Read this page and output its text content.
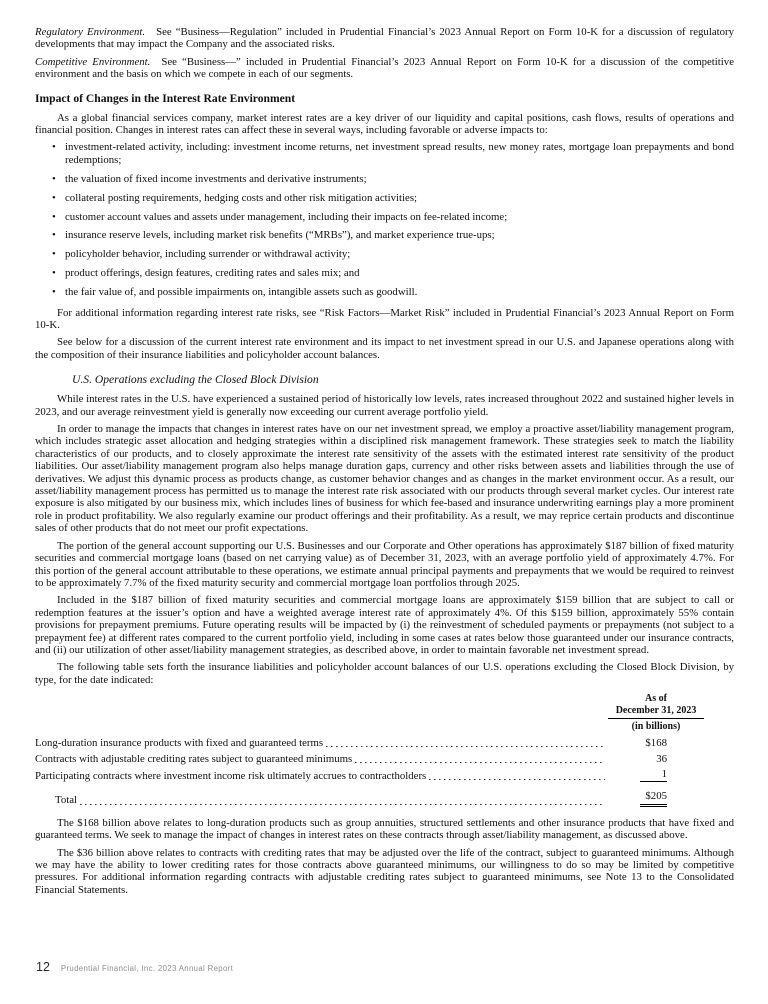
Regulatory Environment. See “Business—Regulation” included in Prudential Financial’s 2023 Annual Report on Form 10-K for a discussion of regulatory developments that may impact the Company and the associated risks.

Competitive Environment. See “Business—” included in Prudential Financial’s 2023 Annual Report on Form 10-K for a discussion of the competitive environment and the basis on which we compete in each of our segments.

Impact of Changes in the Interest Rate Environment

As a global financial services company, market interest rates are a key driver of our liquidity and capital positions, cash flows, results of operations and financial position. Changes in interest rates can affect these in several ways, including favorable or adverse impacts to:

• investment-related activity, including: investment income returns, net investment spread results, new money rates, mortgage loan prepayments and bond redemptions;
• the valuation of fixed income investments and derivative instruments;
• collateral posting requirements, hedging costs and other risk mitigation activities;
• customer account values and assets under management, including their impacts on fee-related income;
• insurance reserve levels, including market risk benefits (“MRBs”), and market experience true-ups;
• policyholder behavior, including surrender or withdrawal activity;
• product offerings, design features, crediting rates and sales mix; and
• the fair value of, and possible impairments on, intangible assets such as goodwill.

For additional information regarding interest rate risks, see “Risk Factors—Market Risk” included in Prudential Financial’s 2023 Annual Report on Form 10-K.

See below for a discussion of the current interest rate environment and its impact to net investment spread in our U.S. and Japanese operations along with the composition of their insurance liabilities and policyholder account balances.

U.S. Operations excluding the Closed Block Division

While interest rates in the U.S. have experienced a sustained period of historically low levels, rates increased throughout 2022 and sustained higher levels in 2023, and our average reinvestment yield is generally now exceeding our current average portfolio yield.

In order to manage the impacts that changes in interest rates have on our net investment spread, we employ a proactive asset/liability management program, which includes strategic asset allocation and hedging strategies within a disciplined risk management framework. These strategies seek to match the liability characteristics of our products, and to closely approximate the interest rate sensitivity of the assets with the estimated interest rate sensitivity of the product liabilities. Our asset/liability management program also helps manage duration gaps, currency and other risks between assets and liabilities through the use of derivatives. We adjust this dynamic process as products change, as customer behavior changes and as changes in the market environment occur. As a result, our asset/liability management process has permitted us to manage the interest rate risk associated with our products through several market cycles. Our interest rate exposure is also mitigated by our business mix, which includes lines of business for which fee-based and insurance underwriting earnings play a more prominent role in product profitability. We also regularly examine our product offerings and their profitability. As a result, we may reprice certain products and discontinue sales of other products that do not meet our profit expectations.

The portion of the general account supporting our U.S. Businesses and our Corporate and Other operations has approximately $187 billion of fixed maturity securities and commercial mortgage loans (based on net carrying value) as of December 31, 2023, with an average portfolio yield of approximately 4.7%. For this portion of the general account attributable to these operations, we estimate annual principal payments and prepayments that we would be required to reinvest to be approximately 7.7% of the fixed maturity security and commercial mortgage loan portfolios through 2025.

Included in the $187 billion of fixed maturity securities and commercial mortgage loans are approximately $159 billion that are subject to call or redemption features at the issuer’s option and have a weighted average interest rate of approximately 4%. Of this $159 billion, approximately 55% contain provisions for prepayment premiums. Future operating results will be impacted by (i) the reinvestment of scheduled payments or prepayments (not subject to a prepayment fee) at different rates compared to the current portfolio yield, including in some cases at rates below those guaranteed under our insurance contracts, and (ii) our utilization of other asset/liability management strategies, as described above, in order to maintain favorable net investment spread.

The following table sets forth the insurance liabilities and policyholder account balances of our U.S. operations excluding the Closed Block Division, by type, for the date indicated:

As of
December 31, 2023
(in billions)
Long-duration insurance products with fixed and guaranteed terms	$168
Contracts with adjustable crediting rates subject to guaranteed minimums	36
Participating contracts where investment income risk ultimately accrues to contractholders	1
Total	$205

The $168 billion above relates to long-duration products such as group annuities, structured settlements and other insurance products that have fixed and guaranteed terms. We seek to manage the impact of changes in interest rates on these contracts through asset/liability management, as discussed above.

The $36 billion above relates to contracts with crediting rates that may be adjusted over the life of the contract, subject to guaranteed minimums. Although we may have the ability to lower crediting rates for those contracts above guaranteed minimums, our willingness to do so may be limited by competitive pressures. For additional information regarding contracts with adjustable crediting rates subject to guaranteed minimums, see Note 13 to the Consolidated Financial Statements.

12 Prudential Financial, Inc. 2023 Annual Report
